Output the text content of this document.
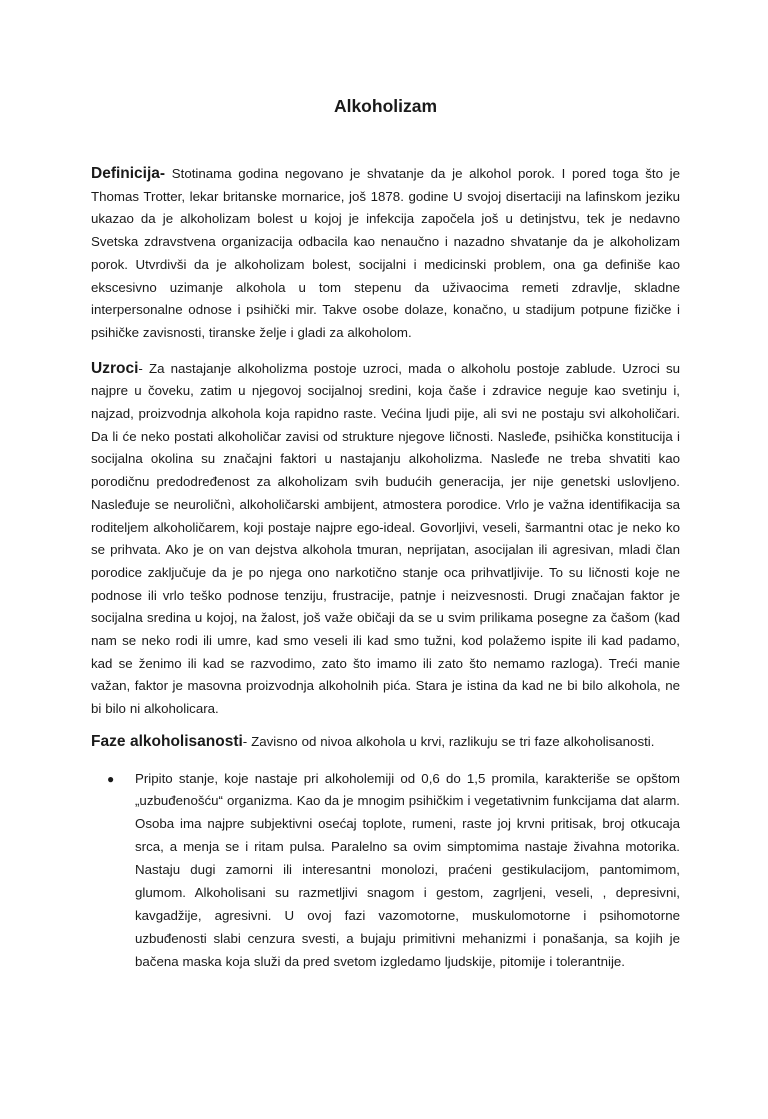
Alkoholizam

Definicija- Stotinama godina negovano je shvatanje da je alkohol porok. I pored toga što je Thomas Trotter, lekar britanske mornarice, još 1878. godine U svojoj disertaciji na lafinskom jeziku ukazao da je alkoholizam bolest u kojoj je infekcija započela još u detinjstvu, tek je nedavno Svetska zdravstvena organizacija odbacila kao nenaučno i nazadno shvatanje da je alkoholizam porok. Utvrdivši da je alkoholizam bolest, socijalni i medicinski problem, ona ga definiše kao ekscesivno uzimanje alkohola u tom stepenu da uživaocima remeti zdravlje, skladne interpersonalne odnose i psihički mir. Takve osobe dolaze, konačno, u stadijum potpune fizičke i psihičke zavisnosti, tiranske želje i gladi za alkoholom.

Uzroci- Za nastajanje alkoholizma postoje uzroci, mada o alkoholu postoje zablude. Uzroci su najpre u čoveku, zatim u njegovoj socijalnoj sredini, koja čaše i zdravice neguje kao svetinju i, najzad, proizvodnja alkohola koja rapidno raste. Većina ljudi pije, ali svi ne postaju svi alkoholičari. Da li će neko postati alkoholičar zavisi od strukture njegove ličnosti. Nasleđe, psihička konstitucija i socijalna okolina su značajni faktori u nastajanju alkoholizma. Nasleđe ne treba shvatiti kao porodičnu predodređenost za alkoholizam svih budućih generacija, jer nije genetski uslovljeno. Nasleđuje se neuroličnì, alkoholičarski ambijent, atmostera porodice. Vrlo je važna identifikacija sa roditeljem alkoholičarem, koji postaje najpre ego-ideal. Govorljivi, veseli, šarmantni otac je neko ko se prihvata. Ako je on van dejstva alkohola tmuran, neprijatan, asocijalan ili agresivan, mladi član porodice zaključuje da je po njega ono narkotično stanje oca prihvatljivije. To su ličnosti koje ne podnose ili vrlo teško podnose tenziju, frustracije, patnje i neizvesnosti. Drugi značajan faktor je socijalna sredina u kojoj, na žalost, još važe običaji da se u svim prilikama posegne za čašom (kad nam se neko rodi ili umre, kad smo veseli ili kad smo tužni, kod polažemo ispite ili kad padamo, kad se ženimo ili kad se razvodimo, zato što imamo ili zato što nemamo razloga). Treći manie važan, faktor je masovna proizvodnja alkoholnih pića. Stara je istina da kad ne bi bilo alkohola, ne bi bilo ni alkoholicara.

Faze alkoholisanosti- Zavisno od nivoa alkohola u krvi, razlikuju se tri faze alkoholisanosti.

● Pripito stanje, koje nastaje pri alkoholemiji od 0,6 do 1,5 promila, karakteriše se opštom „uzbuđenošću“ organizma. Kao da je mnogim psihičkim i vegetativnim funkcijama dat alarm. Osoba ima najpre subjektivni osećaj toplote, rumeni, raste joj krvni pritisak, broj otkucaja srca, a menja se i ritam pulsa. Paralelno sa ovim simptomima nastaje živahna motorika. Nastaju dugi zamorni ili interesantni monolozi, praćeni gestikulacijom, pantomimom, glumom. Alkoholisani su razmetljivi snagom i gestom, zagrljeni, veseli, , depresivni, kavgadžije, agresivni. U ovoj fazi vazomotorne, muskulomotorne i psihomotorne uzbuđenosti slabi cenzura svesti, a bujaju primitivni mehanizmi i ponašanja, sa kojih je bačena maska koja služi da pred svetom izgledamo ljudskije, pitomije i tolerantnije.
